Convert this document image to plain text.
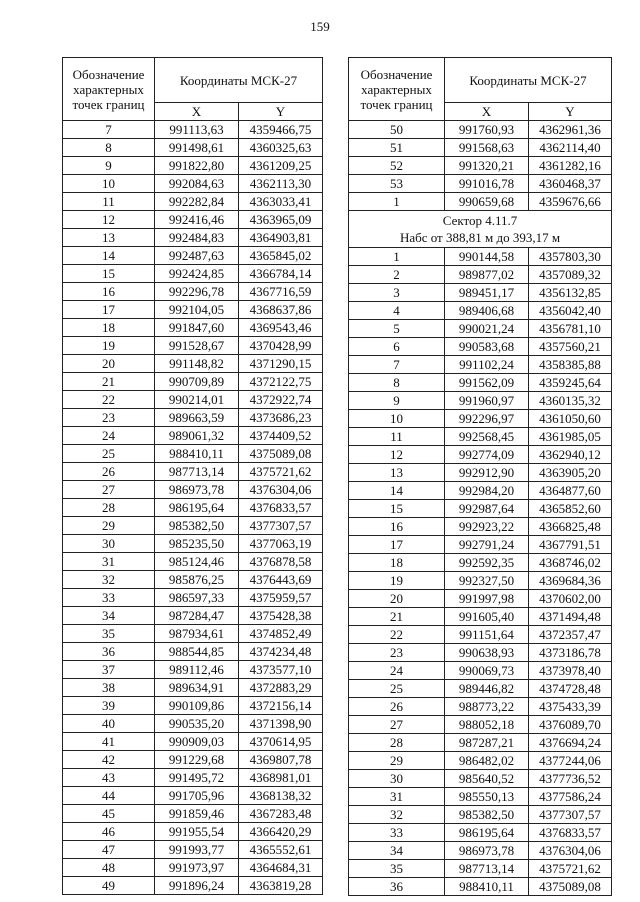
159
Обозначение характерных точек границ	Координаты МСК-27	
	X	Y
7	991113,63	4359466,75
8	991498,61	4360325,63
9	991822,80	4361209,25
10	992084,63	4362113,30
11	992282,84	4363033,41
12	992416,46	4363965,09
13	992484,83	4364903,81
14	992487,63	4365845,02
15	992424,85	4366784,14
16	992296,78	4367716,59
17	992104,05	4368637,86
18	991847,60	4369543,46
19	991528,67	4370428,99
20	991148,82	4371290,15
21	990709,89	4372122,75
22	990214,01	4372922,74
23	989663,59	4373686,23
24	989061,32	4374409,52
25	988410,11	4375089,08
26	987713,14	4375721,62
27	986973,78	4376304,06
28	986195,64	4376833,57
29	985382,50	4377307,57
30	985235,50	4377063,19
31	985124,46	4376878,58
32	985876,25	4376443,69
33	986597,33	4375959,57
34	987284,47	4375428,38
35	987934,61	4374852,49
36	988544,85	4374234,48
37	989112,46	4373577,10
38	989634,91	4372883,29
39	990109,86	4372156,14
40	990535,20	4371398,90
41	990909,03	4370614,95
42	991229,68	4369807,78
43	991495,72	4368981,01
44	991705,96	4368138,32
45	991859,46	4367283,48
46	991955,54	4366420,29
47	991993,77	4365552,61
48	991973,97	4364684,31
49	991896,24	4363819,28
Обозначение характерных точек границ	Координаты МСК-27	
	X	Y
50	991760,93	4362961,36
51	991568,63	4362114,40
52	991320,21	4361282,16
53	991016,78	4360468,37
1	990659,68	4359676,66

Сектор 4.11.7
Набс от 388,81 м до 393,17 м		

1	990144,58	4357803,30
2	989877,02	4357089,32
3	989451,17	4356132,85
4	989406,68	4356042,40
5	990021,24	4356781,10
6	990583,68	4357560,21
7	991102,24	4358385,88
8	991562,09	4359245,64
9	991960,97	4360135,32
10	992296,97	4361050,60
11	992568,45	4361985,05
12	992774,09	4362940,12
13	992912,90	4363905,20
14	992984,20	4364877,60
15	992987,64	4365852,60
16	992923,22	4366825,48
17	992791,24	4367791,51
18	992592,35	4368746,02
19	992327,50	4369684,36
20	991997,98	4370602,00
21	991605,40	4371494,48
22	991151,64	4372357,47
23	990638,93	4373186,78
24	990069,73	4373978,40
25	989446,82	4374728,48
26	988773,22	4375433,39
27	988052,18	4376089,70
28	987287,21	4376694,24
29	986482,02	4377244,06
30	985640,52	4377736,52
31	985550,13	4377586,24
32	985382,50	4377307,57
33	986195,64	4376833,57
34	986973,78	4376304,06
35	987713,14	4375721,62
36	988410,11	4375089,08
